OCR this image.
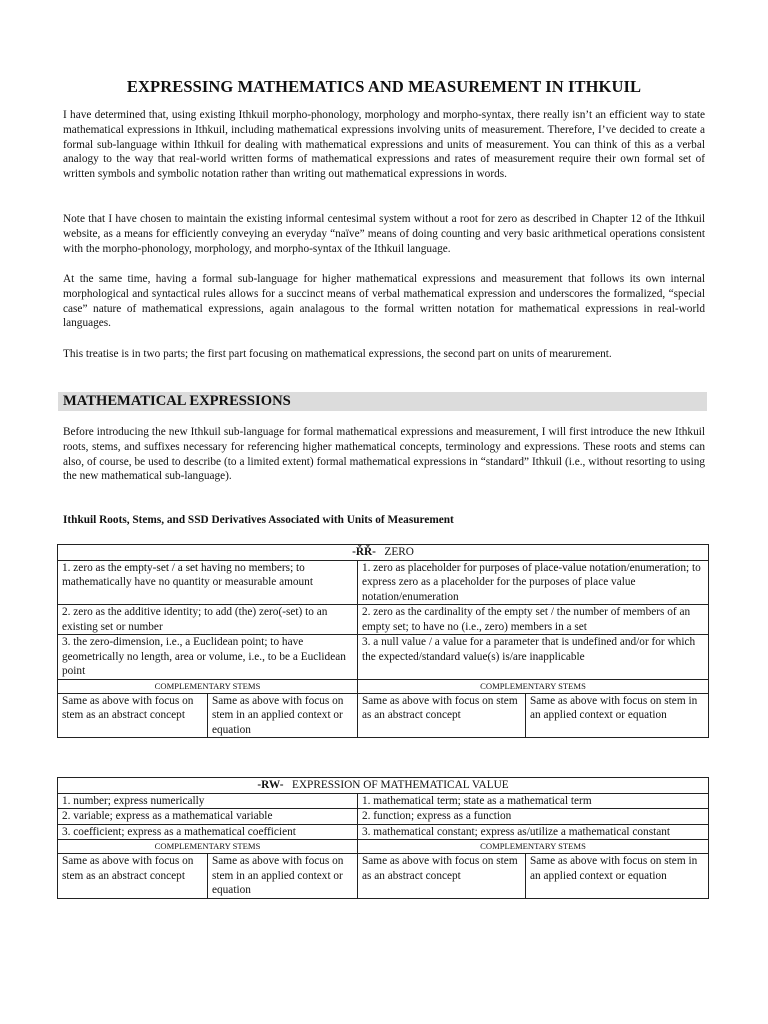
EXPRESSING MATHEMATICS AND MEASUREMENT IN ITHKUIL

I have determined that, using existing Ithkuil morpho-phonology, morphology and morpho-syntax, there really isn’t an efficient way to state mathematical expressions in Ithkuil, including mathematical expressions involving units of measurement. Therefore, I’ve decided to create a formal sub-language within Ithkuil for dealing with mathematical expressions and units of measurement. You can think of this as a verbal analogy to the way that real-world written forms of mathematical expressions and rates of measurement require their own formal set of written symbols and symbolic notation rather than writing out mathematical expressions in words.

Note that I have chosen to maintain the existing informal centesimal system without a root for zero as described in Chapter 12 of the Ithkuil website, as a means for efficiently conveying an everyday “naïve” means of doing counting and very basic arithmetical operations consistent with the morpho-phonology, morphology, and morpho-syntax of the Ithkuil language.

At the same time, having a formal sub-language for higher mathematical expressions and measurement that follows its own internal morphological and syntactical rules allows for a succinct means of verbal mathematical expression and underscores the formalized, “special case” nature of mathematical expressions, again analagous to the formal written notation for mathematical expressions in real-world languages.

This treatise is in two parts; the first part focusing on mathematical expressions, the second part on units of mearurement.

MATHEMATICAL EXPRESSIONS

Before introducing the new Ithkuil sub-language for formal mathematical expressions and measurement, I will first introduce the new Ithkuil roots, stems, and suffixes necessary for referencing higher mathematical concepts, terminology and expressions. These roots and stems can also, of course, be used to describe (to a limited extent) formal mathematical expressions in “standard” Ithkuil (i.e., without resorting to using the new mathematical sub-language).

Ithkuil Roots, Stems, and SSD Derivatives Associated with Units of Measurement
-ŘŘ- ZERO			
1. zero as the empty-set / a set having no members; to mathematically have no quantity or measurable amount		1. zero as placeholder for purposes of place-value notation/enumeration; to express zero as a placeholder for the purposes of place value notation/enumeration	
2. zero as the additive identity; to add (the) zero(-set) to an existing set or number		2. zero as the cardinality of the empty set / the number of members of an empty set; to have no (i.e., zero) members in a set	
3. the zero-dimension, i.e., a Euclidean point; to have geometrically no length, area or volume, i.e., to be a Euclidean point		3. a null value / a value for a parameter that is undefined and/or for which the expected/standard value(s) is/are inapplicable	
COMPLEMENTARY STEMS		COMPLEMENTARY STEMS	
Same as above with focus on stem as an abstract concept	Same as above with focus on stem in an applied context or equation	Same as above with focus on stem as an abstract concept	Same as above with focus on stem in an applied context or equation
-RW- EXPRESSION OF MATHEMATICAL VALUE			
1. number; express numerically		1. mathematical term; state as a mathematical term	
2. variable; express as a mathematical variable		2. function; express as a function	
3. coefficient; express as a mathematical coefficient		3. mathematical constant; express as/utilize a mathematical constant	
COMPLEMENTARY STEMS		COMPLEMENTARY STEMS	
Same as above with focus on stem as an abstract concept	Same as above with focus on stem in an applied context or equation	Same as above with focus on stem as an abstract concept	Same as above with focus on stem in an applied context or equation
